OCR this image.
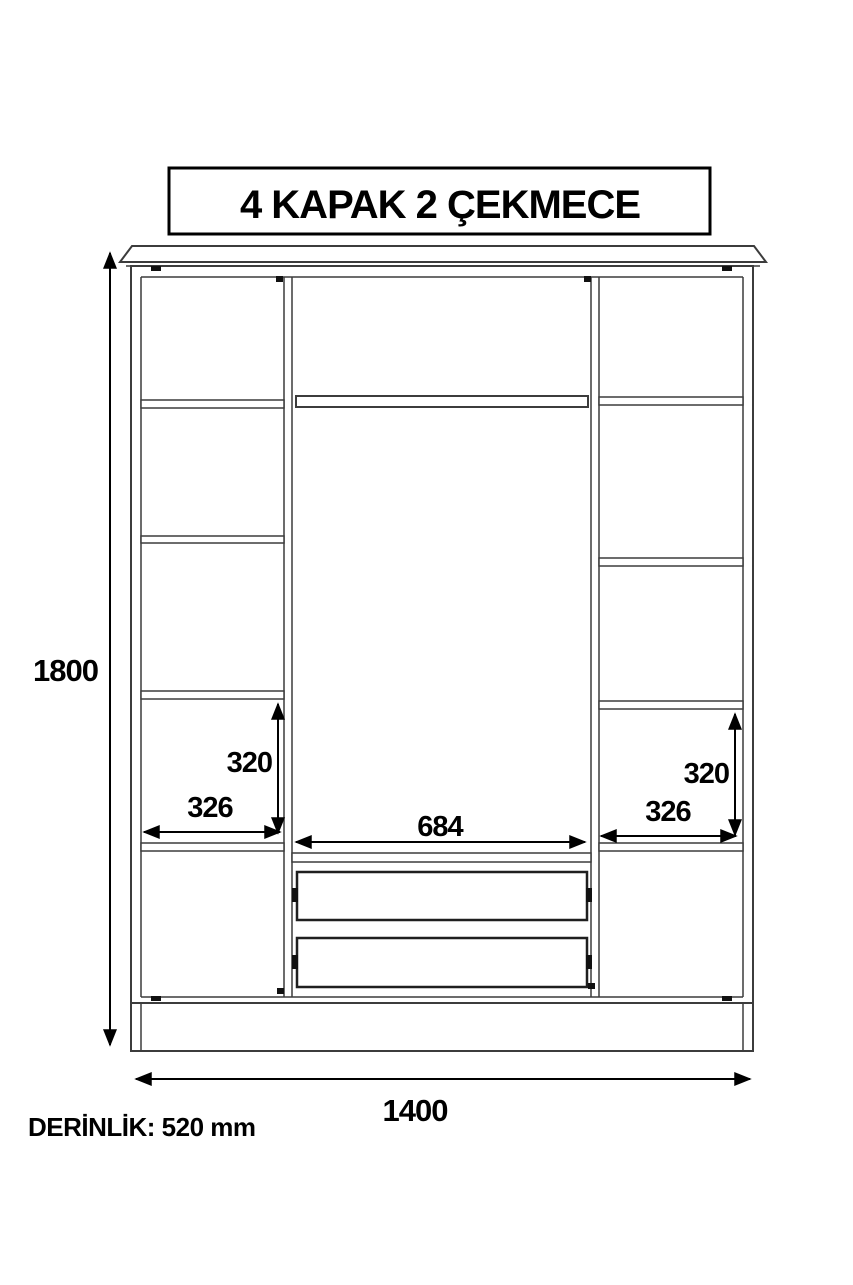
4 KAPAK 2 ÇEKMECE
1800
1400
DERİNLİK: 520 mm
320
326
684
320
326
